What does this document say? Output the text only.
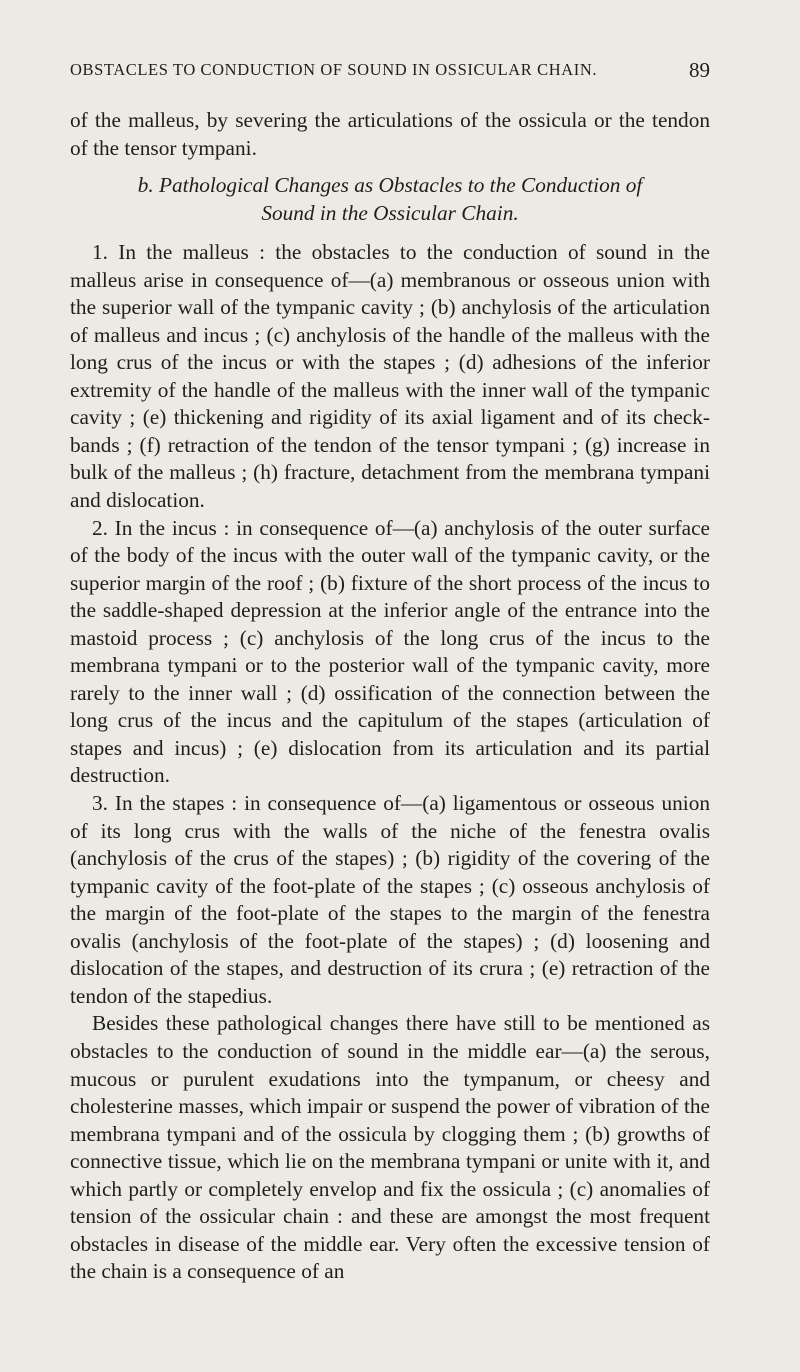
OBSTACLES TO CONDUCTION OF SOUND IN OSSICULAR CHAIN.	89

of the malleus, by severing the articulations of the ossicula or the tendon of the tensor tympani.

b. Pathological Changes as Obstacles to the Conduction of
Sound in the Ossicular Chain.

1. In the malleus : the obstacles to the conduction of sound in the malleus arise in consequence of—(a) membranous or osseous union with the superior wall of the tympanic cavity ; (b) anchylosis of the articulation of malleus and incus ; (c) anchylosis of the handle of the malleus with the long crus of the incus or with the stapes ; (d) adhesions of the inferior extremity of the handle of the malleus with the inner wall of the tympanic cavity ; (e) thickening and rigidity of its axial ligament and of its check-bands ; (f) retraction of the tendon of the tensor tympani ; (g) increase in bulk of the malleus ; (h) fracture, detachment from the membrana tympani and dislocation.

2. In the incus : in consequence of—(a) anchylosis of the outer surface of the body of the incus with the outer wall of the tympanic cavity, or the superior margin of the roof ; (b) fixture of the short process of the incus to the saddle-shaped depression at the inferior angle of the entrance into the mastoid process ; (c) anchylosis of the long crus of the incus to the membrana tympani or to the posterior wall of the tympanic cavity, more rarely to the inner wall ; (d) ossification of the connection between the long crus of the incus and the capitulum of the stapes (articulation of stapes and incus) ; (e) dislocation from its articulation and its partial destruction.

3. In the stapes : in consequence of—(a) ligamentous or osseous union of its long crus with the walls of the niche of the fenestra ovalis (anchylosis of the crus of the stapes) ; (b) rigidity of the covering of the tympanic cavity of the foot-plate of the stapes ; (c) osseous anchylosis of the margin of the foot-plate of the stapes to the margin of the fenestra ovalis (anchylosis of the foot-plate of the stapes) ; (d) loosening and dislocation of the stapes, and destruction of its crura ; (e) retraction of the tendon of the stapedius.

Besides these pathological changes there have still to be mentioned as obstacles to the conduction of sound in the middle ear—(a) the serous, mucous or purulent exudations into the tympanum, or cheesy and cholesterine masses, which impair or suspend the power of vibration of the membrana tympani and of the ossicula by clogging them ; (b) growths of connective tissue, which lie on the membrana tympani or unite with it, and which partly or completely envelop and fix the ossicula ; (c) anomalies of tension of the ossicular chain : and these are amongst the most frequent obstacles in disease of the middle ear. Very often the excessive tension of the chain is a consequence of an
